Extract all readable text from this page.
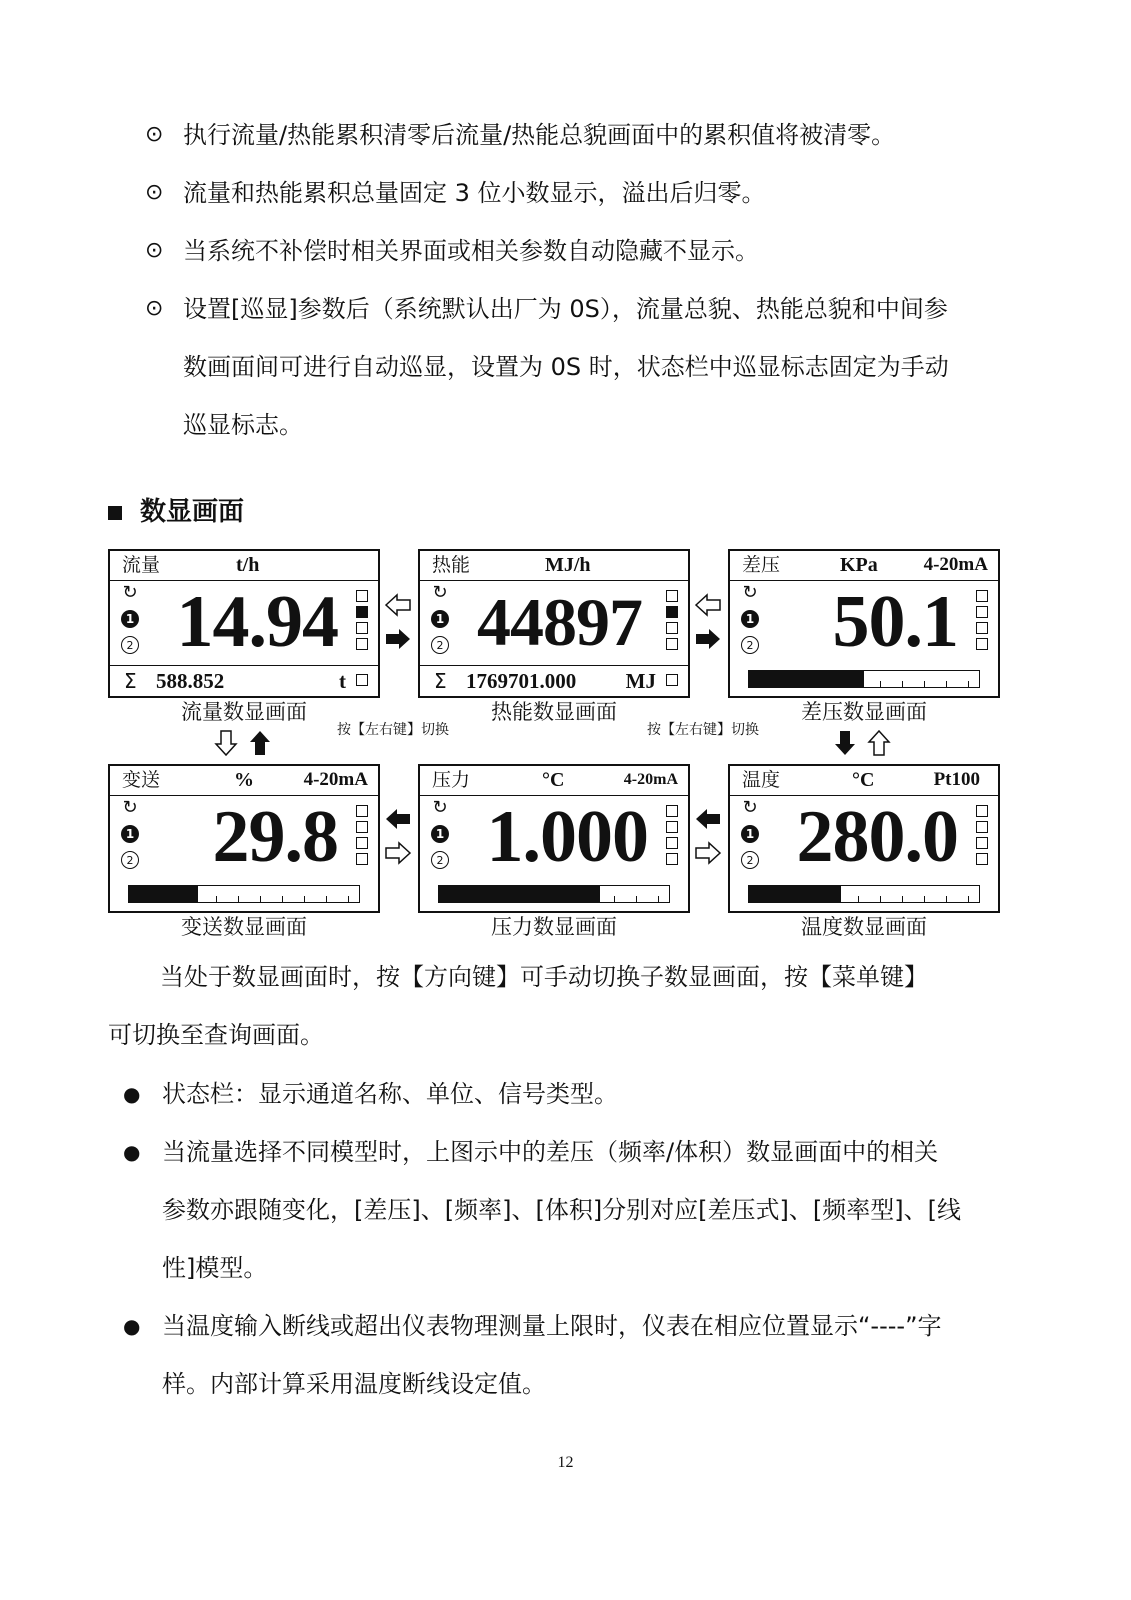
⊙ 执行流量/热能累积清零后流量/热能总貌画面中的累积值将被清零。
⊙ 流量和热能累积总量固定 3 位小数显示，溢出后归零。
⊙ 当系统不补偿时相关界面或相关参数自动隐藏不显示。
⊙ 设置[巡显]参数后（系统默认出厂为 0S），流量总貌、热能总貌和中间参
数画面间可进行自动巡显，设置为 0S 时，状态栏中巡显标志固定为手动
巡显标志。
数显画面
流量	t/h
↻
1
2 14.94
Σ 588.852	t
热能	MJ/h
↻
1
2 44897
Σ 1769701.000 MJ
差压	KPa 4-20mA
↻
1
2 50.1
变送	%	4-20mA
↻
1
2 29.8
压力	°C	4-20mA
↻
1
2 1.000
温度	°C	Pt100
↻
1
2 280.0
流量数显画面	热能数显画面	差压数显画面
变送数显画面	压力数显画面	温度数显画面
按【左右键】切换	按【左右键】切换
当处于数显画面时，按【方向键】可手动切换子数显画面，按【菜单键】
可切换至查询画面。
● 状态栏：显示通道名称、单位、信号类型。
● 当流量选择不同模型时，上图示中的差压（频率/体积）数显画面中的相关
参数亦跟随变化，[差压]、[频率]、[体积]分别对应[差压式]、[频率型]、[线
性]模型。
● 当温度输入断线或超出仪表物理测量上限时，仪表在相应位置显示“----”字
样。内部计算采用温度断线设定值。
12
